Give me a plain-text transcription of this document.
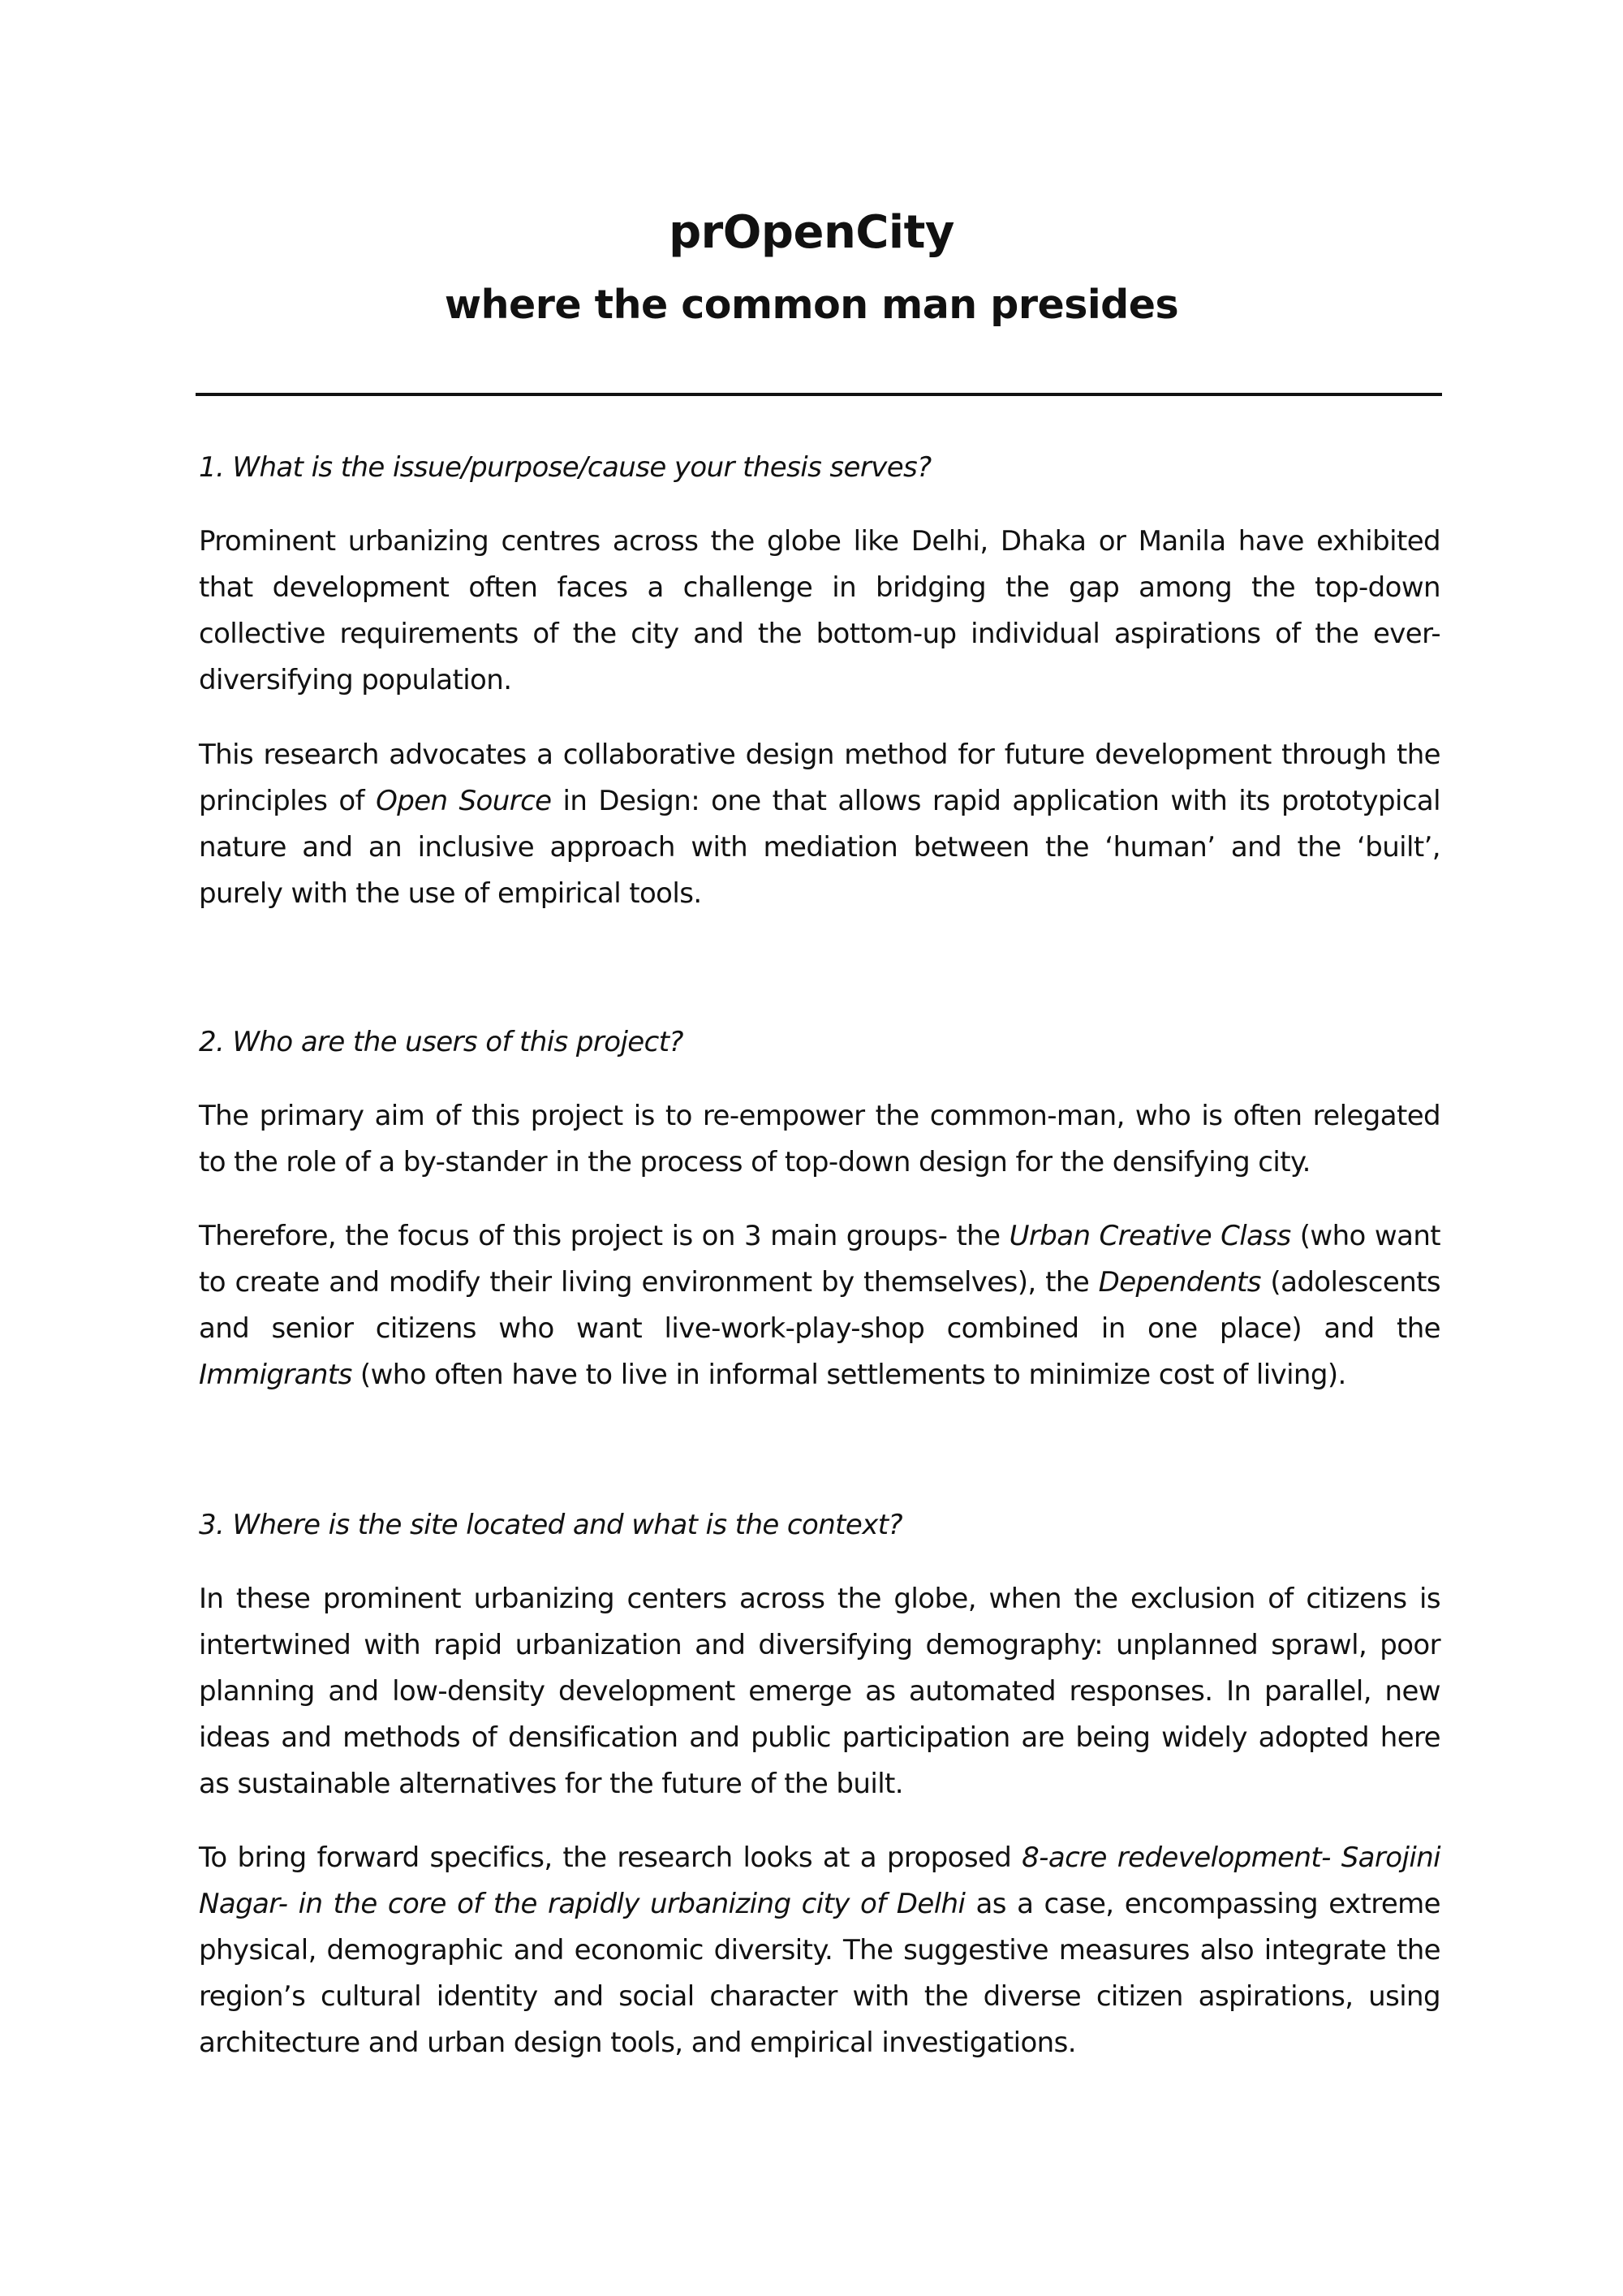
prOpenCity
where the common man presides
1. What is the issue/purpose/cause your thesis serves?
Prominent urbanizing centres across the globe like Delhi, Dhaka or Manila have exhibited that development often faces a challenge in bridging the gap among the top-down collective requirements of the city and the bottom-up individual aspirations of the ever-diversifying population.
This research advocates a collaborative design method for future development through the principles of Open Source in Design: one that allows rapid application with its prototypical nature and an inclusive approach with mediation between the ‘human’ and the ‘built’, purely with the use of empirical tools.
2. Who are the users of this project?
The primary aim of this project is to re-empower the common-man, who is often relegated to the role of a by-stander in the process of top-down design for the densifying city.
Therefore, the focus of this project is on 3 main groups- the Urban Creative Class (who want to create and modify their living environment by themselves), the Dependents (adolescents and senior citizens who want live-work-play-shop combined in one place) and the Immigrants (who often have to live in informal settlements to minimize cost of living).
3. Where is the site located and what is the context?
In these prominent urbanizing centers across the globe, when the exclusion of citizens is intertwined with rapid urbanization and diversifying demography: unplanned sprawl, poor planning and low-density development emerge as automated responses. In parallel, new ideas and methods of densification and public participation are being widely adopted here as sustainable alternatives for the future of the built.
To bring forward specifics, the research looks at a proposed 8-acre redevelopment- Sarojini Nagar- in the core of the rapidly urbanizing city of Delhi as a case, encompassing extreme physical, demographic and economic diversity. The suggestive measures also integrate the region’s cultural identity and social character with the diverse citizen aspirations, using architecture and urban design tools, and empirical investigations.
